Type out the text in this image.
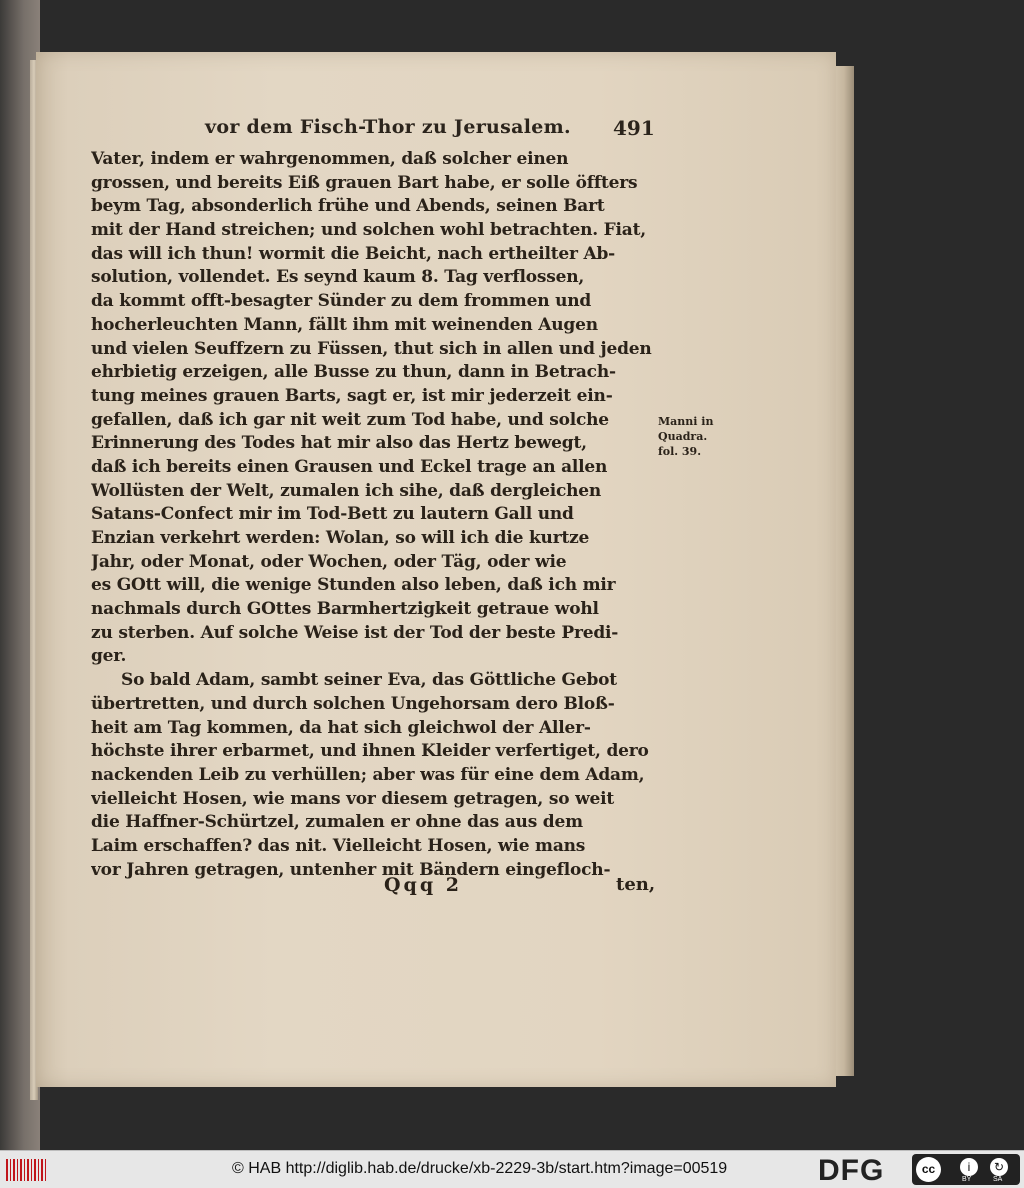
vor dem Fisch-Thor zu Jerusalem.	491
Vater, indem er wahrgenommen, daß solcher einen
grossen, und bereits Eiß grauen Bart habe, er solle öffters
beym Tag, absonderlich frühe und Abends, seinen Bart
mit der Hand streichen; und solchen wohl betrachten. Fiat,
das will ich thun! wormit die Beicht, nach ertheilter Ab-
solution, vollendet. Es seynd kaum 8. Tag verflossen,
da kommt offt-besagter Sünder zu dem frommen und
hocherleuchten Mann, fällt ihm mit weinenden Augen
und vielen Seuffzern zu Füssen, thut sich in allen und jeden
ehrbietig erzeigen, alle Busse zu thun, dann in Betrach-
tung meines grauen Barts, sagt er, ist mir jederzeit ein-
gefallen, daß ich gar nit weit zum Tod habe, und solche
Erinnerung des Todes hat mir also das Hertz bewegt,
daß ich bereits einen Grausen und Eckel trage an allen
Wollüsten der Welt, zumalen ich sihe, daß dergleichen
Satans-Confect mir im Tod-Bett zu lautern Gall und
Enzian verkehrt werden: Wolan, so will ich die kurtze
Jahr, oder Monat, oder Wochen, oder Täg, oder wie
es GOtt will, die wenige Stunden also leben, daß ich mir
nachmals durch GOttes Barmhertzigkeit getraue wohl
zu sterben. Auf solche Weise ist der Tod der beste Predi-
ger.
So bald Adam, sambt seiner Eva, das Göttliche Gebot
übertretten, und durch solchen Ungehorsam dero Bloß-
heit am Tag kommen, da hat sich gleichwol der Aller-
höchste ihrer erbarmet, und ihnen Kleider verfertiget, dero
nackenden Leib zu verhüllen; aber was für eine dem Adam,
vielleicht Hosen, wie mans vor diesem getragen, so weit
die Haffner-Schürtzel, zumalen er ohne das aus dem
Laim erschaffen? das nit. Vielleicht Hosen, wie mans
vor Jahren getragen, untenher mit Bändern eingefloch-
Manni in
Quadra.
fol. 39.
Qqq 2	ten,
© HAB http://diglib.hab.de/drucke/xb-2229-3b/start.htm?image=00519	DFG	cc	i	↻
BY	SA
